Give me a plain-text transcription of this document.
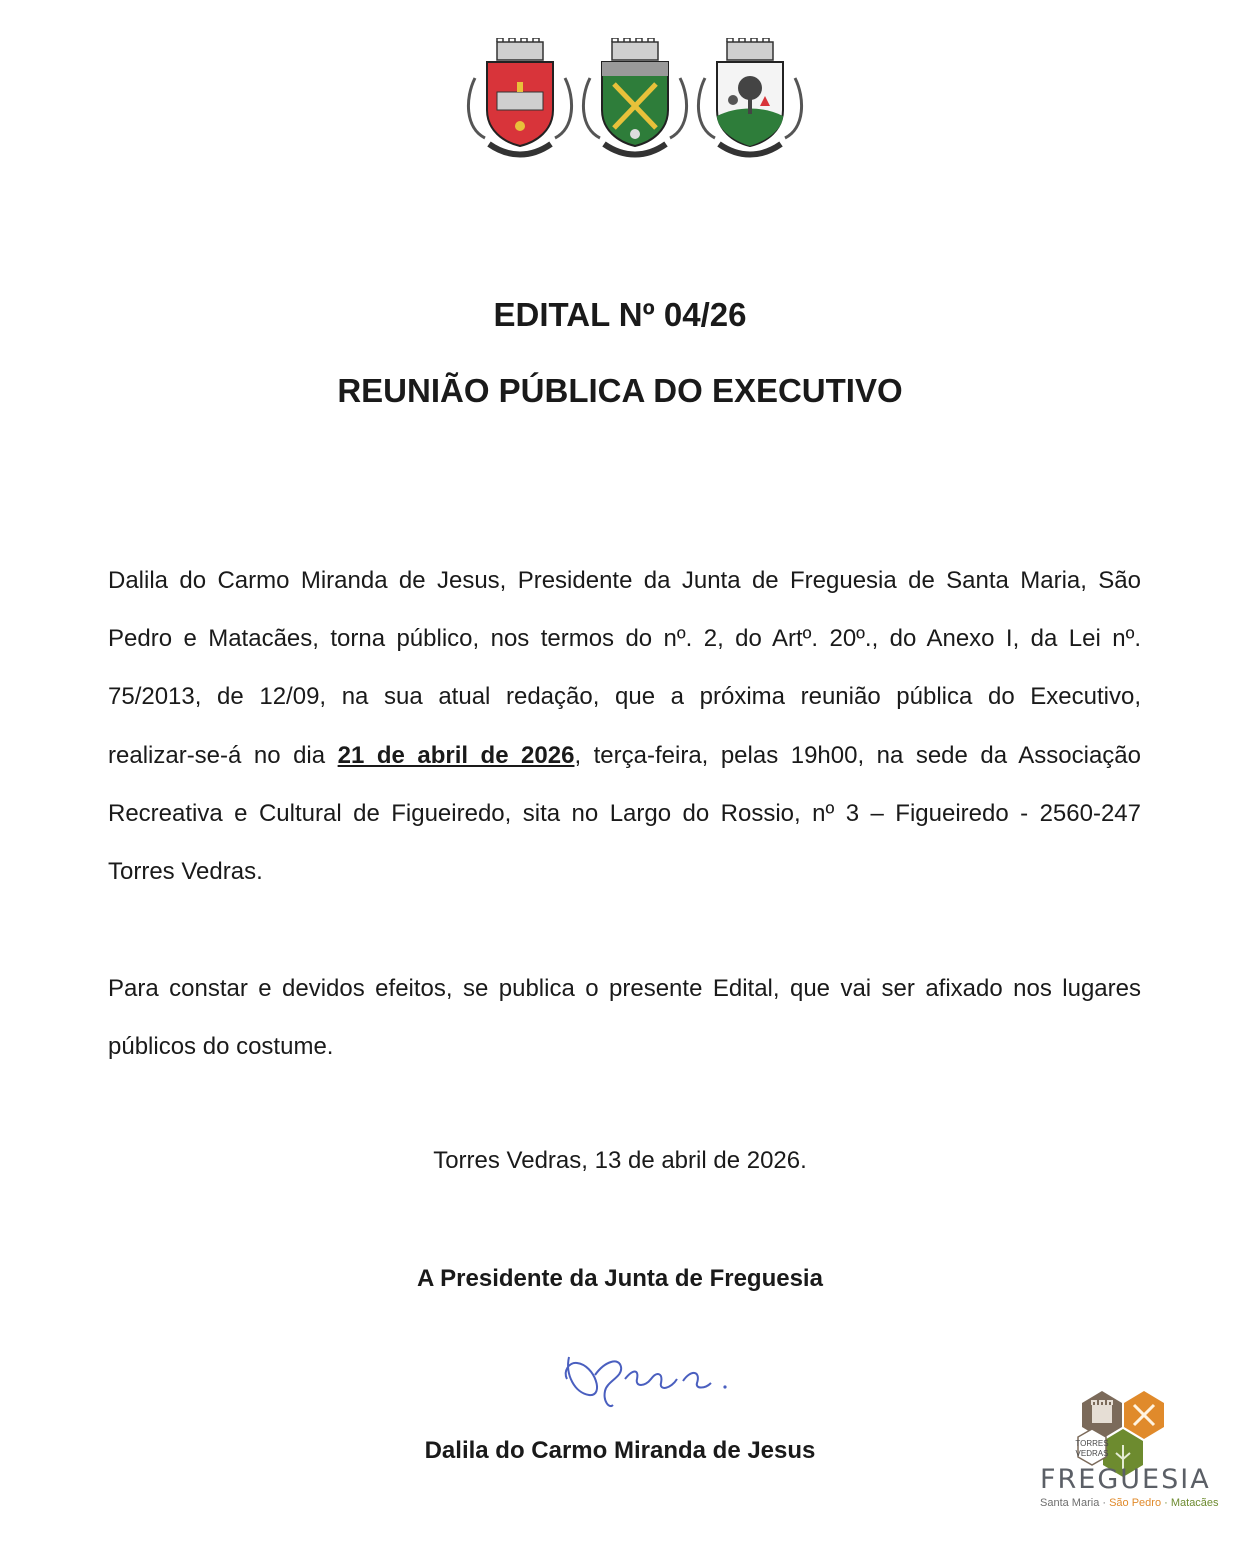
EDITAL Nº 04/26
REUNIÃO PÚBLICA DO EXECUTIVO
Dalila do Carmo Miranda de Jesus, Presidente da Junta de Freguesia de Santa Maria, São
Pedro e Matacães, torna público, nos termos do nº. 2, do Artº. 20º., do Anexo I, da Lei nº.
75/2013, de 12/09, na sua atual redação, que a próxima reunião pública do Executivo,
realizar-se-á no dia 21 de abril de 2026, terça-feira, pelas 19h00, na sede da Associação
Recreativa e Cultural de Figueiredo, sita no Largo do Rossio, nº 3 – Figueiredo - 2560-247
Torres Vedras.
Para constar e devidos efeitos, se publica o presente Edital, que vai ser afixado nos lugares
públicos do costume.
Torres Vedras, 13 de abril de 2026.
A Presidente da Junta de Freguesia
Dalila do Carmo Miranda de Jesus	TORRES
VEDRAS
FREGUESIA
Santa Maria · São Pedro · Matacães
